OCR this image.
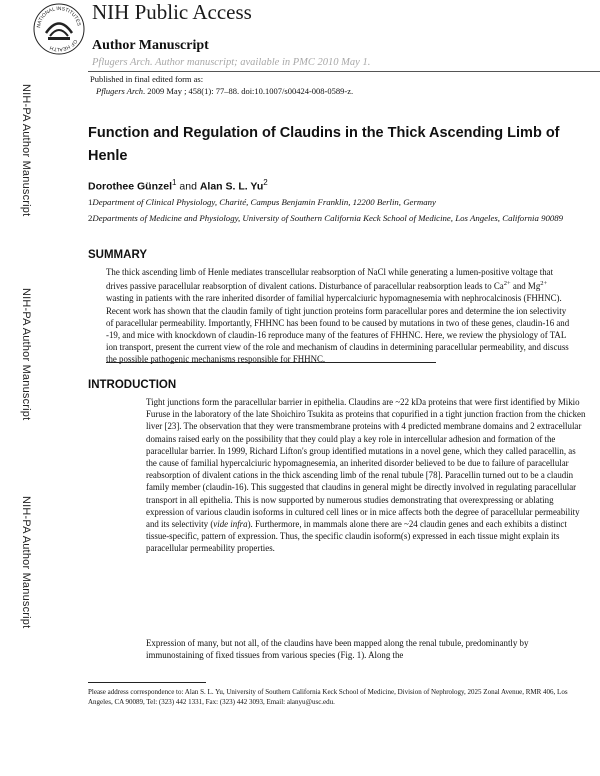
NATIONAL INSTITUTES
OF HEALTH
NIH Public Access
Author Manuscript
Pflugers Arch. Author manuscript; available in PMC 2010 May 1.
Published in final edited form as:
Pflugers Arch. 2009 May ; 458(1): 77–88. doi:10.1007/s00424-008-0589-z.
NIH-PA Author Manuscript
NIH-PA Author Manuscript
NIH-PA Author Manuscript
Function and Regulation of Claudins in the Thick Ascending Limb of Henle
Dorothee Günzel$^1$ and Alan S. L. Yu$^2$
1Department of Clinical Physiology, Charité, Campus Benjamin Franklin, 12200 Berlin, Germany
2Departments of Medicine and Physiology, University of Southern California Keck School of Medicine, Los Angeles, California 90089
SUMMARY
The thick ascending limb of Henle mediates transcellular reabsorption of NaCl while generating a lumen-positive voltage that drives passive paracellular reabsorption of divalent cations. Disturbance of paracellular reabsorption leads to $Ca^{2+}$ and $Mg^{2+}$ wasting in patients with the rare inherited disorder of familial hypercalciuric hypomagnesemia with nephrocalcinosis (FHHNC). Recent work has shown that the claudin family of tight junction proteins form paracellular pores and determine the ion selectivity of paracellular permeability. Importantly, FHHNC has been found to be caused by mutations in two of these genes, claudin-16 and -19, and mice with knockdown of claudin-16 reproduce many of the features of FHHNC. Here, we review the physiology of TAL ion transport, present the current view of the role and mechanism of claudins in determining paracellular permeability, and discuss the possible pathogenic mechanisms responsible for FHHNC.
INTRODUCTION
Tight junctions form the paracellular barrier in epithelia. Claudins are ~22 kDa proteins that were first identified by Mikio Furuse in the laboratory of the late Shoichiro Tsukita as proteins that copurified in a tight junction fraction from the chicken liver [23]. The observation that they were transmembrane proteins with 4 predicted membrane domains and 2 extracellular domains raised early on the possibility that they could play a key role in intercellular adhesion and formation of the paracellular barrier. In 1999, Richard Lifton's group identified mutations in a novel gene, which they called paracellin, as the cause of familial hypercalciuric hypomagnesemia, an inherited disorder believed to be due to failure of paracellular reabsorption of divalent cations in the thick ascending limb of the renal tubule [78]. Paracellin turned out to be a claudin family member (claudin-16). This suggested that claudins in general might be directly involved in regulating paracellular transport in all epithelia. This is now supported by numerous studies demonstrating that overexpressing or ablating expression of various claudin isoforms in cultured cell lines or in mice affects both the degree of paracellular permeability and its selectivity (vide infra). Furthermore, in mammals alone there are ~24 claudin genes and each exhibits a distinct tissue-specific, pattern of expression. Thus, the specific claudin isoform(s) expressed in each tissue might explain its paracellular permeability properties.
Expression of many, but not all, of the claudins have been mapped along the renal tubule, predominantly by immunostaining of fixed tissues from various species (Fig. 1). Along the
Please address correspondence to: Alan S. L. Yu, University of Southern California Keck School of Medicine, Division of Nephrology, 2025 Zonal Avenue, RMR 406, Los Angeles, CA 90089, Tel: (323) 442 1331, Fax: (323) 442 3093, Email: alanyu@usc.edu.
